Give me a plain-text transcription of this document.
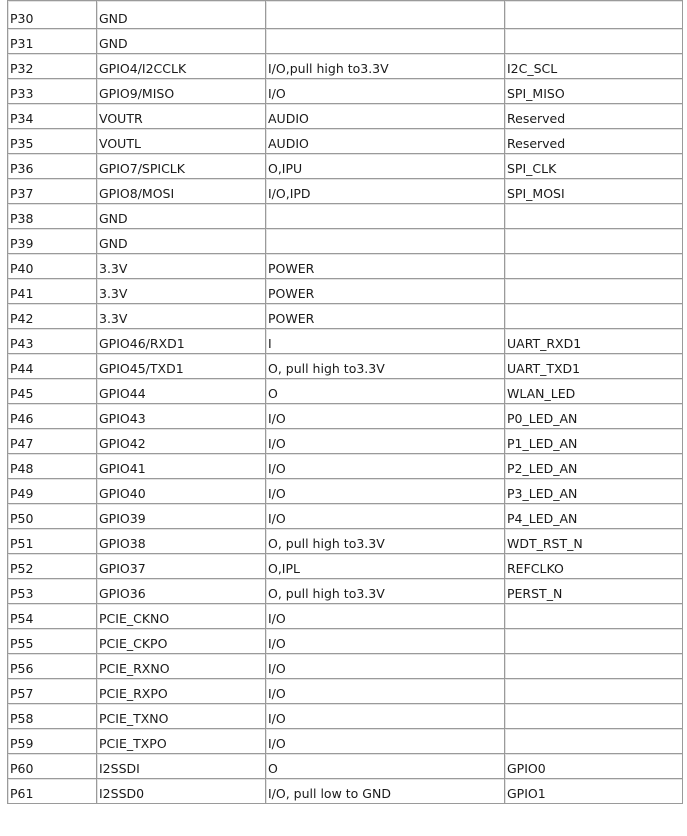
P30	GND		
P31	GND		
P32	GPIO4/I2CCLK	I/O,pull high to3.3V	I2C_SCL
P33	GPIO9/MISO	I/O	SPI_MISO
P34	VOUTR	AUDIO	Reserved
P35	VOUTL	AUDIO	Reserved
P36	GPIO7/SPICLK	O,IPU	SPI_CLK
P37	GPIO8/MOSI	I/O,IPD	SPI_MOSI
P38	GND		
P39	GND		
P40	3.3V	POWER	
P41	3.3V	POWER	
P42	3.3V	POWER	
P43	GPIO46/RXD1	I	UART_RXD1
P44	GPIO45/TXD1	O, pull high to3.3V	UART_TXD1
P45	GPIO44	O	WLAN_LED
P46	GPIO43	I/O	P0_LED_AN
P47	GPIO42	I/O	P1_LED_AN
P48	GPIO41	I/O	P2_LED_AN
P49	GPIO40	I/O	P3_LED_AN
P50	GPIO39	I/O	P4_LED_AN
P51	GPIO38	O, pull high to3.3V	WDT_RST_N
P52	GPIO37	O,IPL	REFCLKO
P53	GPIO36	O, pull high to3.3V	PERST_N
P54	PCIE_CKNO	I/O	
P55	PCIE_CKPO	I/O	
P56	PCIE_RXNO	I/O	
P57	PCIE_RXPO	I/O	
P58	PCIE_TXNO	I/O	
P59	PCIE_TXPO	I/O	
P60	I2SSDI	O	GPIO0
P61	I2SSD0	I/O, pull low to GND	GPIO1
